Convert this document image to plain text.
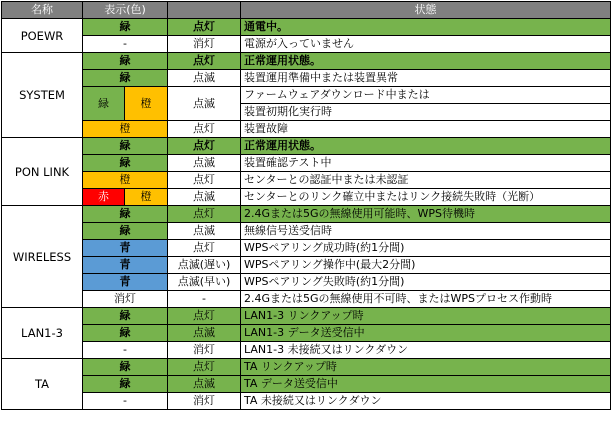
名称	表示(色)			状態
POEWR	緑		点灯	通電中。
	-		消灯	電源が入っていません
SYSTEM	緑		点灯	正常運用状態。
	緑		点滅	装置運用準備中または装置異常
	緑	橙	点滅	ファームウェアダウンロード中または
				装置初期化実行時
	橙		点灯	装置故障
PON LINK	緑		点灯	正常運用状態。
	緑		点滅	装置確認テスト中
	橙		点灯	センターとの認証中または未認証
	赤	橙	点滅	センターとのリンク確立中またはリンク接続失敗時（光断）
WIRELESS	緑		点灯	2.4Gまたは5Gの無線使用可能時、WPS待機時
	緑		点滅	無線信号送受信時
	青		点灯	WPSペアリング成功時(約1分間)
	青		点滅(遅い)	WPSペアリング操作中(最大2分間)
	青		点滅(早い)	WPSペアリング失敗時(約1分間)
	消灯		-	2.4Gまたは5Gの無線使用不可時、またはWPSプロセス作動時
LAN1-3	緑		点灯	LAN1-3 リンクアップ時
	緑		点滅	LAN1-3 データ送受信中
	-		消灯	LAN1-3 未接続又はリンクダウン
TA	緑		点灯	TA リンクアップ時
	緑		点滅	TA データ送受信中
	-		消灯	TA 未接続又はリンクダウン
